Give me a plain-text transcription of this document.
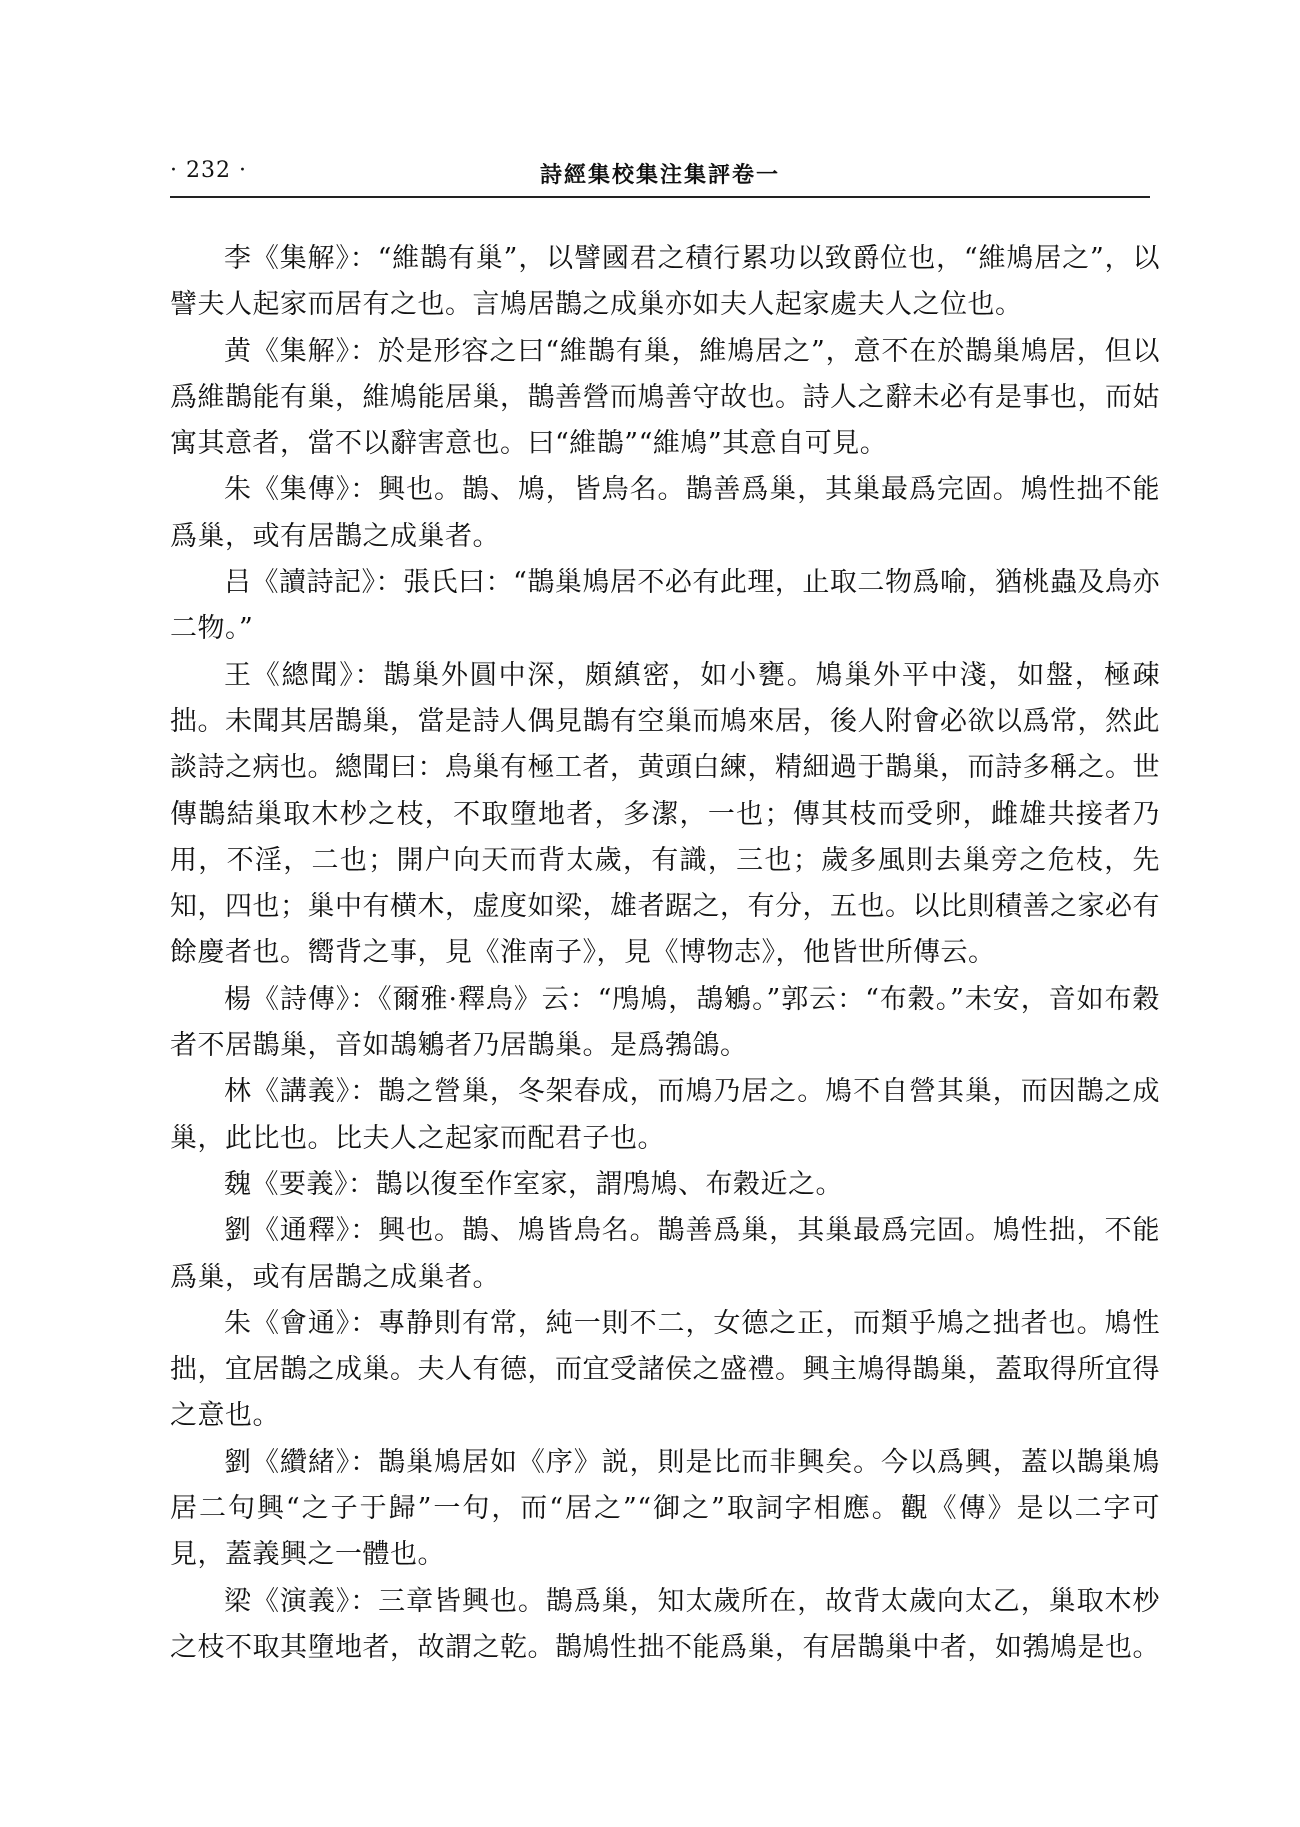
· 232 ·	詩經集校集注集評卷一

李《集解》：“維鵲有巢”，以譬國君之積行累功以致爵位也，“維鳩居之”，以譬夫人起家而居有之也。言鳩居鵲之成巢亦如夫人起家處夫人之位也。

黄《集解》：於是形容之曰“維鵲有巢，維鳩居之”，意不在於鵲巢鳩居，但以爲維鵲能有巢，維鳩能居巢，鵲善營而鳩善守故也。詩人之辭未必有是事也，而姑寓其意者，當不以辭害意也。曰“維鵲”“維鳩”其意自可見。

朱《集傳》：興也。鵲、鳩，皆鳥名。鵲善爲巢，其巢最爲完固。鳩性拙不能爲巢，或有居鵲之成巢者。

吕《讀詩記》：張氏曰：“鵲巢鳩居不必有此理，止取二物爲喻，猶桃蟲及鳥亦二物。”

王《總聞》：鵲巢外圓中深，頗縝密，如小甕。鳩巢外平中淺，如盤，極疎拙。未聞其居鵲巢，當是詩人偶見鵲有空巢而鳩來居，後人附會必欲以爲常，然此談詩之病也。總聞曰：鳥巢有極工者，黄頭白練，精細過于鵲巢，而詩多稱之。世傳鵲結巢取木杪之枝，不取墮地者，多潔，一也；傳其枝而受卵，雌雄共接者乃用，不淫，二也；開户向天而背太歲，有識，三也；歲多風則去巢旁之危枝，先知，四也；巢中有横木，虚度如梁，雄者踞之，有分，五也。以比則積善之家必有餘慶者也。嚮背之事，見《淮南子》，見《博物志》，他皆世所傳云。

楊《詩傳》：《爾雅·釋鳥》云：“鳲鳩，鴶鵴。”郭云：“布穀。”未安，音如布穀者不居鵲巢，音如鴶鵴者乃居鵲巢。是爲鵓鴿。

林《講義》：鵲之營巢，冬架春成，而鳩乃居之。鳩不自營其巢，而因鵲之成巢，此比也。比夫人之起家而配君子也。

魏《要義》：鵲以復至作室家，謂鳲鳩、布穀近之。

劉《通釋》：興也。鵲、鳩皆鳥名。鵲善爲巢，其巢最爲完固。鳩性拙，不能爲巢，或有居鵲之成巢者。

朱《會通》：專静則有常，純一則不二，女德之正，而類乎鳩之拙者也。鳩性拙，宜居鵲之成巢。夫人有德，而宜受諸侯之盛禮。興主鳩得鵲巢，蓋取得所宜得之意也。

劉《纘緒》：鵲巢鳩居如《序》説，則是比而非興矣。今以爲興，蓋以鵲巢鳩居二句興“之子于歸”一句，而“居之”“御之”取詞字相應。觀《傳》是以二字可見，蓋義興之一體也。

梁《演義》：三章皆興也。鵲爲巢，知太歲所在，故背太歲向太乙，巢取木杪之枝不取其墮地者，故謂之乾。鵲鳩性拙不能爲巢，有居鵲巢中者，如鵓鳩是也。
